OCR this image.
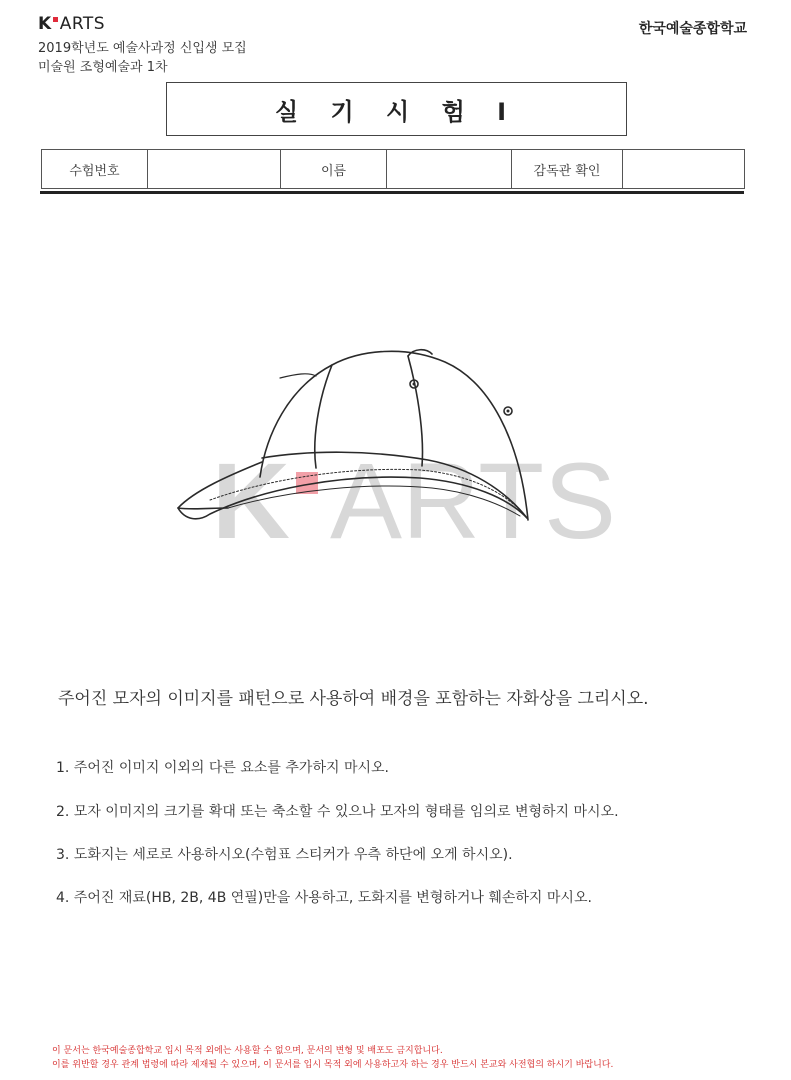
K ARTS	한국예술종합학교
2019학년도 예술사과정 신입생 모집
미술원 조형예술과 1차
실 기 시 험 I
수험번호	이름	감독관 확인
K ARTS
주어진 모자의 이미지를 패턴으로 사용하여 배경을 포함하는 자화상을 그리시오.
1. 주어진 이미지 이외의 다른 요소를 추가하지 마시오.
2. 모자 이미지의 크기를 확대 또는 축소할 수 있으나 모자의 형태를 임의로 변형하지 마시오.
3. 도화지는 세로로 사용하시오(수험표 스티커가 우측 하단에 오게 하시오).
4. 주어진 재료(HB, 2B, 4B 연필)만을 사용하고, 도화지를 변형하거나 훼손하지 마시오.
이 문서는 한국예술종합학교 입시 목적 외에는 사용할 수 없으며, 문서의 변형 및 배포도 금지합니다.
이를 위반할 경우 관계 법령에 따라 제재될 수 있으며, 이 문서를 입시 목적 외에 사용하고자 하는 경우 반드시 본교와 사전협의 하시기 바랍니다.
